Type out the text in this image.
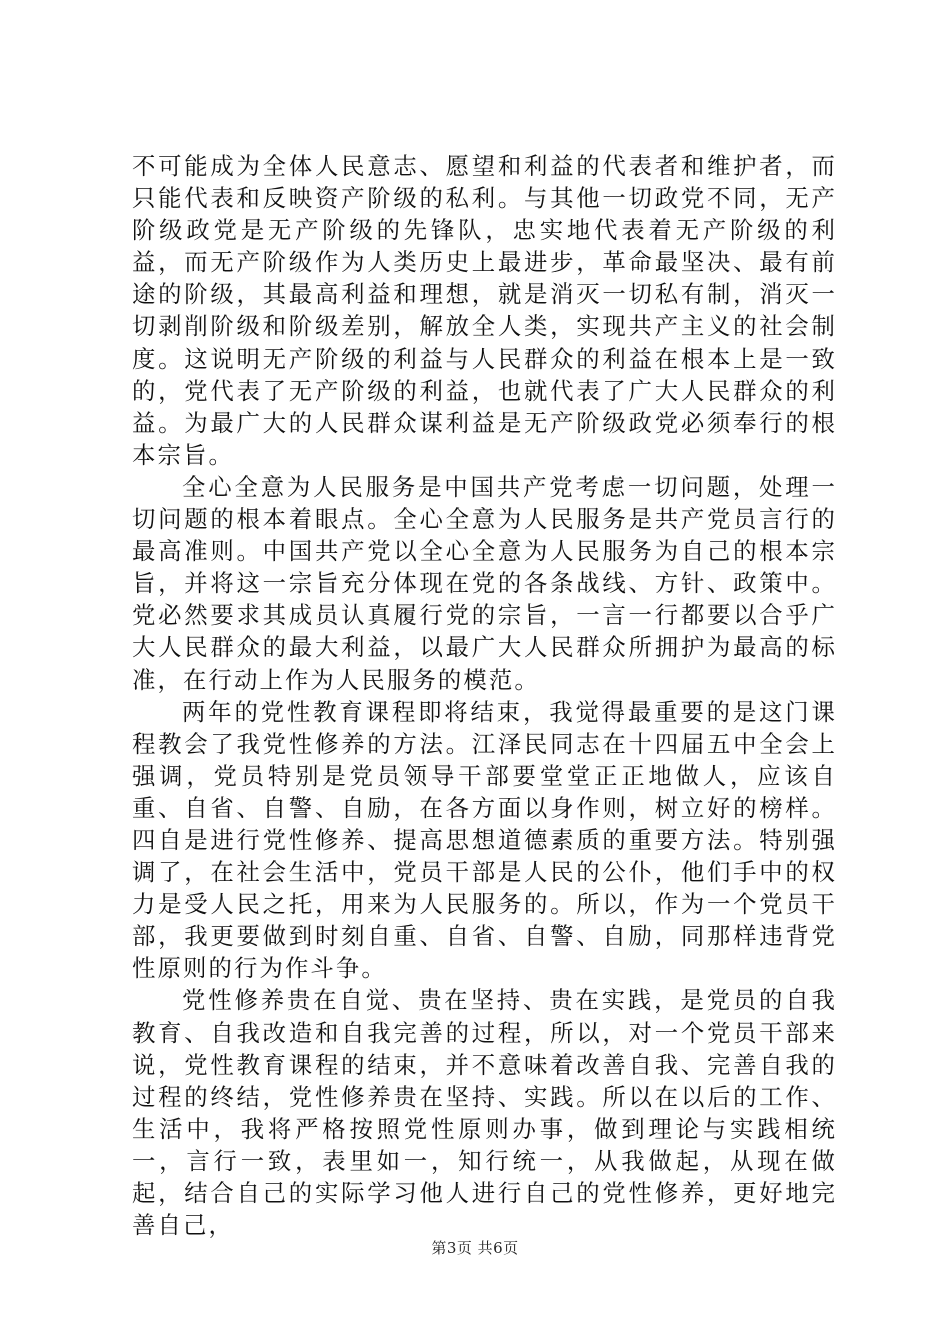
不可能成为全体人民意志、愿望和利益的代表者和维护者，而只能代表和反映资产阶级的私利。与其他一切政党不同，无产阶级政党是无产阶级的先锋队，忠实地代表着无产阶级的利益，而无产阶级作为人类历史上最进步，革命最坚决、最有前途的阶级，其最高利益和理想，就是消灭一切私有制，消灭一切剥削阶级和阶级差别，解放全人类，实现共产主义的社会制度。这说明无产阶级的利益与人民群众的利益在根本上是一致的，党代表了无产阶级的利益，也就代表了广大人民群众的利益。为最广大的人民群众谋利益是无产阶级政党必须奉行的根本宗旨。

全心全意为人民服务是中国共产党考虑一切问题，处理一切问题的根本着眼点。全心全意为人民服务是共产党员言行的最高准则。中国共产党以全心全意为人民服务为自己的根本宗旨，并将这一宗旨充分体现在党的各条战线、方针、政策中。党必然要求其成员认真履行党的宗旨，一言一行都要以合乎广大人民群众的最大利益，以最广大人民群众所拥护为最高的标准，在行动上作为人民服务的模范。

两年的党性教育课程即将结束，我觉得最重要的是这门课程教会了我党性修养的方法。江泽民同志在十四届五中全会上强调，党员特别是党员领导干部要堂堂正正地做人，应该自重、自省、自警、自励，在各方面以身作则，树立好的榜样。四自是进行党性修养、提高思想道德素质的重要方法。特别强调了，在社会生活中，党员干部是人民的公仆，他们手中的权力是受人民之托，用来为人民服务的。所以，作为一个党员干部，我更要做到时刻自重、自省、自警、自励，同那样违背党性原则的行为作斗争。

党性修养贵在自觉、贵在坚持、贵在实践，是党员的自我教育、自我改造和自我完善的过程，所以，对一个党员干部来说，党性教育课程的结束，并不意味着改善自我、完善自我的过程的终结，党性修养贵在坚持、实践。所以在以后的工作、生活中，我将严格按照党性原则办事，做到理论与实践相统一，言行一致，表里如一，知行统一，从我做起，从现在做起，结合自己的实际学习他人进行自己的党性修养，更好地完善自己，

第3页 共6页
